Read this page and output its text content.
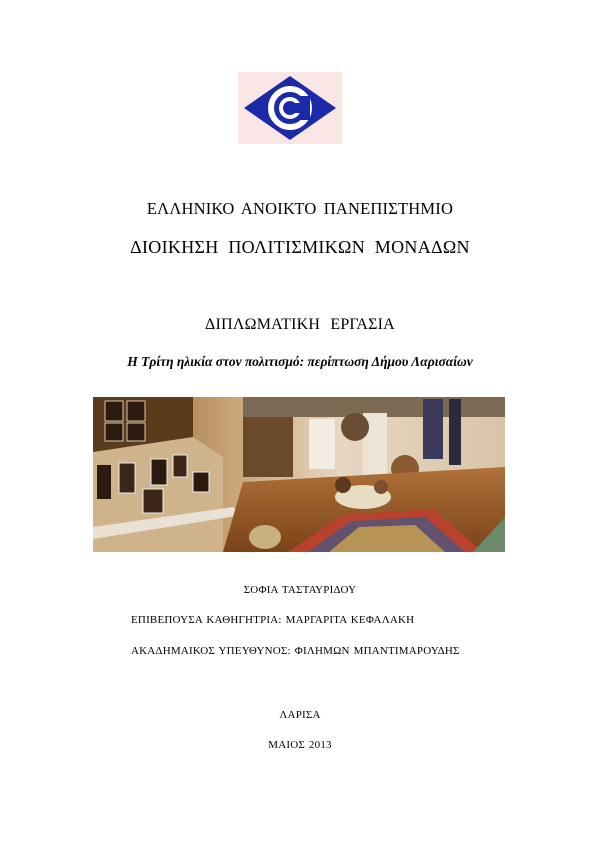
ΕΛΛΗΝΙΚΟ ΑΝΟΙΚΤΟ ΠΑΝΕΠΙΣΤΗΜΙΟ
ΔΙΟΙΚΗΣΗ ΠΟΛΙΤΙΣΜΙΚΩΝ ΜΟΝΑΔΩΝ
ΔΙΠΛΩΜΑΤΙΚΗ ΕΡΓΑΣΙΑ
Η Τρίτη ηλικία στον πολιτισμό: περίπτωση Δήμου Λαρισαίων
ΣΟΦΙΑ ΤΑΣΤΑΥΡΙΔΟΥ
ΕΠΙΒΕΠΟΥΣΑ ΚΑΘΗΓΗΤΡΙΑ: ΜΑΡΓΑΡΙΤΑ ΚΕΦΑΛΑΚΗ
ΑΚΑΔΗΜΑΙΚΟΣ ΥΠΕΥΘΥΝΟΣ: ΦΙΛΗΜΩΝ ΜΠΑΝΤΙΜΑΡΟΥΔΗΣ
ΛΑΡΙΣΑ
ΜΑΙΟΣ 2013
